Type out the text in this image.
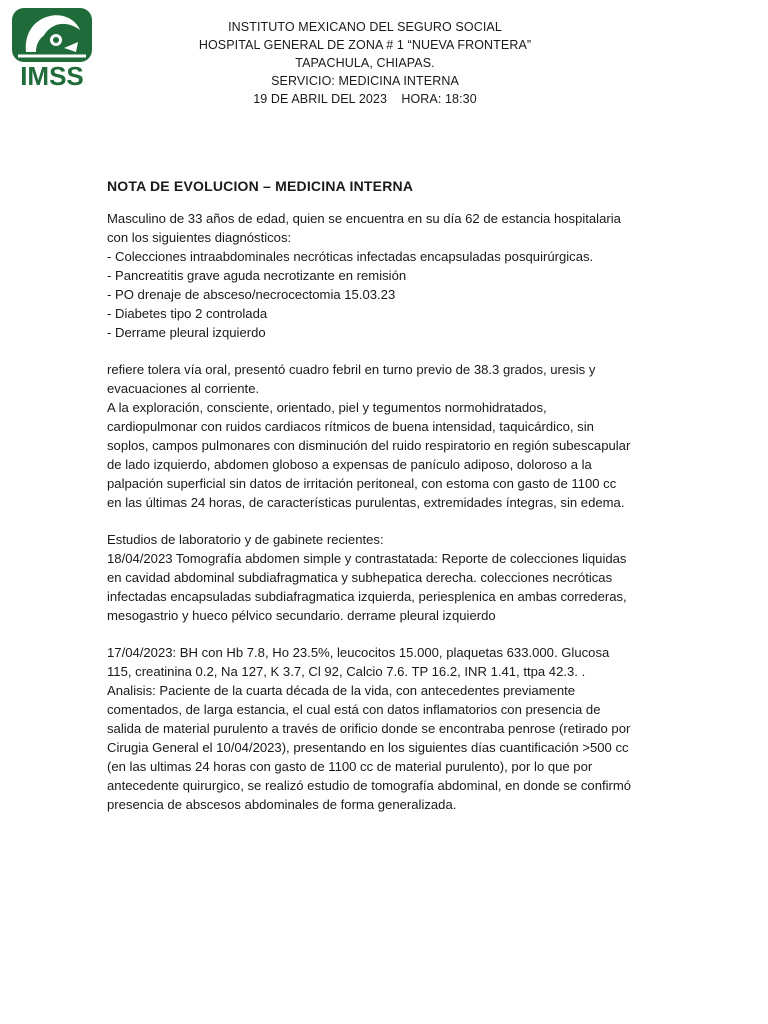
IMSS
INSTITUTO MEXICANO DEL SEGURO SOCIAL
HOSPITAL GENERAL DE ZONA # 1 “NUEVA FRONTERA”
TAPACHULA, CHIAPAS.
SERVICIO: MEDICINA INTERNA
19 DE ABRIL DEL 2023    HORA: 18:30
NOTA DE EVOLUCION – MEDICINA INTERNA
Masculino de 33 años de edad, quien se encuentra en su día 62 de estancia hospitalaria
con los siguientes diagnósticos:
- Colecciones intraabdominales necróticas infectadas encapsuladas posquirúrgicas.
- Pancreatitis grave aguda necrotizante en remisión
- PO drenaje de absceso/necrocectomia 15.03.23
- Diabetes tipo 2 controlada
- Derrame pleural izquierdo
refiere tolera vía oral, presentó cuadro febril en turno previo de 38.3 grados, uresis y
evacuaciones al corriente.
A la exploración, consciente, orientado, piel y tegumentos normohidratados,
cardiopulmonar con ruidos cardiacos rítmicos de buena intensidad, taquicárdico, sin
soplos, campos pulmonares con disminución del ruido respiratorio en región subescapular
de lado izquierdo, abdomen globoso a expensas de panículo adiposo, doloroso a la
palpación superficial sin datos de irritación peritoneal, con estoma con gasto de 1100 cc
en las últimas 24 horas, de características purulentas, extremidades íntegras, sin edema.
Estudios de laboratorio y de gabinete recientes:
18/04/2023 Tomografía abdomen simple y contrastatada: Reporte de colecciones liquidas
en cavidad abdominal subdiafragmatica y subhepatica derecha. colecciones necróticas
infectadas encapsuladas subdiafragmatica izquierda, periesplenica en ambas correderas,
mesogastrio y hueco pélvico secundario. derrame pleural izquierdo
17/04/2023: BH con Hb 7.8, Ho 23.5%, leucocitos 15.000, plaquetas 633.000. Glucosa
115, creatinina 0.2, Na 127, K 3.7, Cl 92, Calcio 7.6. TP 16.2, INR 1.41, ttpa 42.3. .
Analisis: Paciente de la cuarta década de la vida, con antecedentes previamente
comentados, de larga estancia, el cual está con datos inflamatorios con presencia de
salida de material purulento a través de orificio donde se encontraba penrose (retirado por
Cirugia General el 10/04/2023), presentando en los siguientes días cuantificación >500 cc
(en las ultimas 24 horas con gasto de 1100 cc de material purulento), por lo que por
antecedente quirurgico, se realizó estudio de tomografía abdominal, en donde se confirmó
presencia de abscesos abdominales de forma generalizada.
